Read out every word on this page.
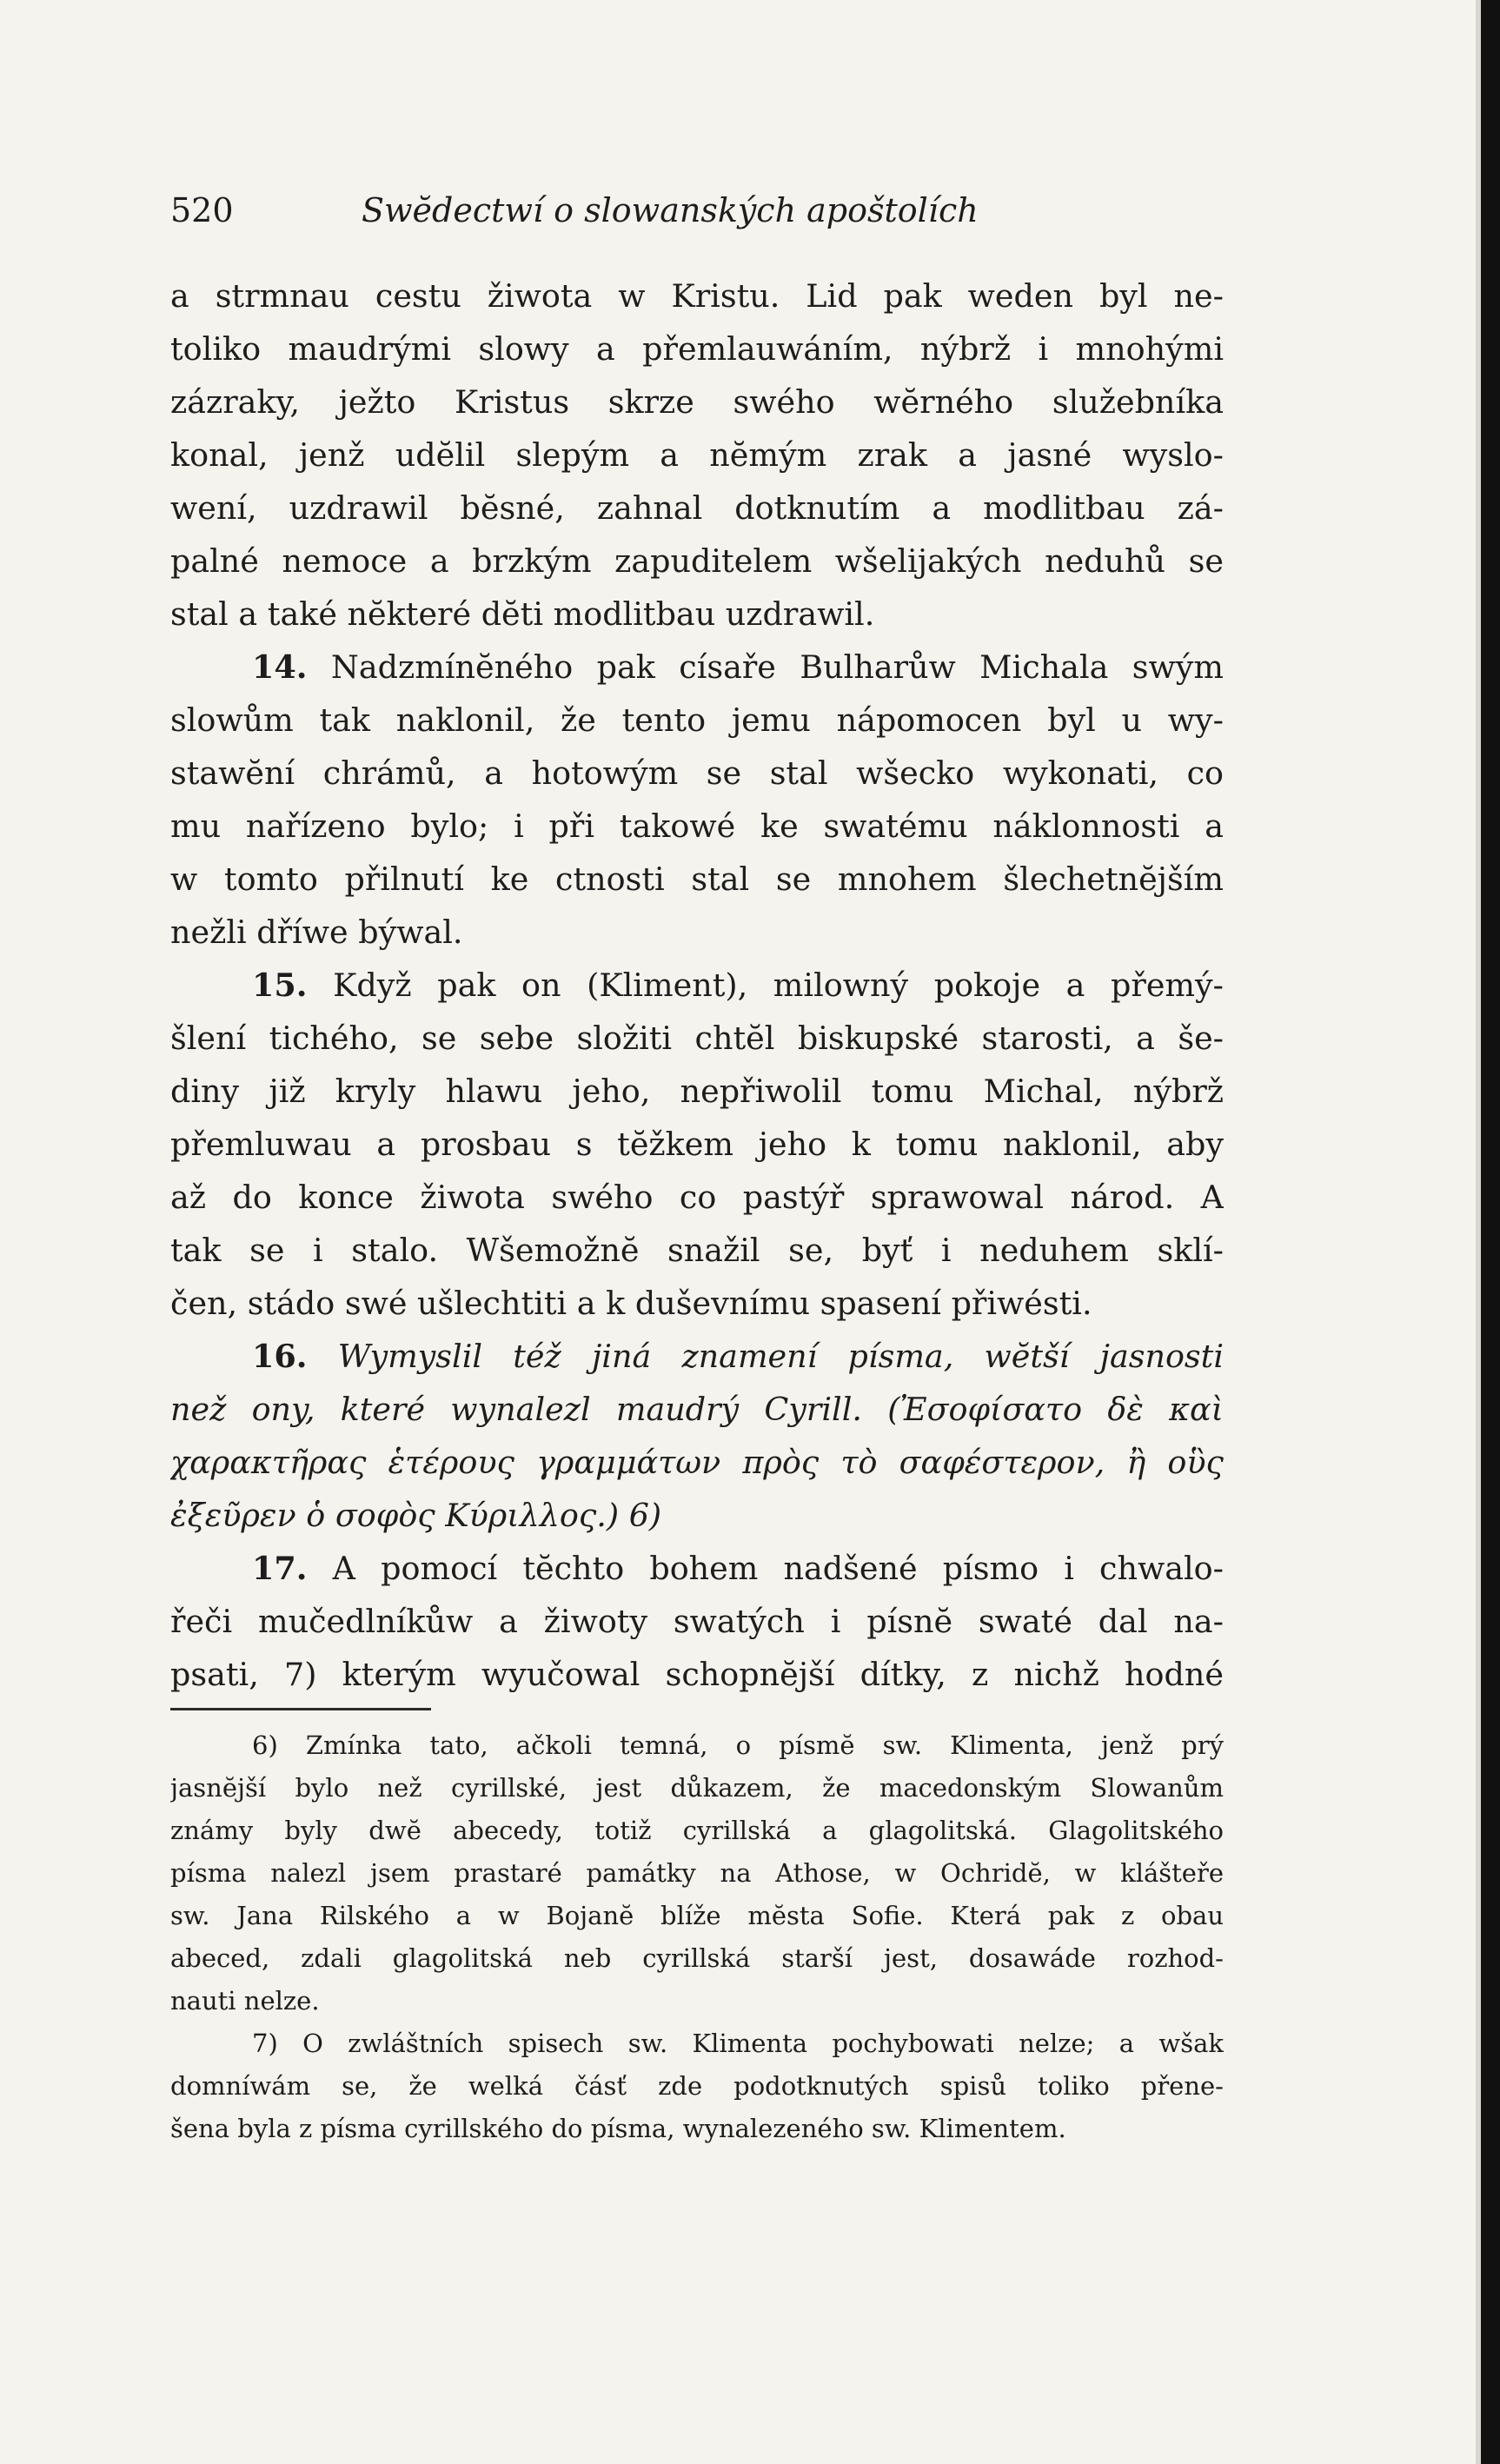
520	Swĕdectwí o slowanských apoštolích
a strmnau cestu žiwota w Kristu. Lid pak weden byl ne-
toliko maudrými slowy a přemlauwáním, nýbrž i mnohými
zázraky, ježto Kristus skrze swého wĕrného služebníka
konal, jenž udĕlil slepým a nĕmým zrak a jasné wyslo-
wení, uzdrawil bĕsné, zahnal dotknutím a modlitbau zá-
palné nemoce a brzkým zapuditelem wšelijakých neduhů se
stal a také nĕkteré dĕti modlitbau uzdrawil.
14. Nadzmínĕného pak císaře Bulharůw Michala swým
slowům tak naklonil, že tento jemu nápomocen byl u wy-
stawĕní chrámů, a hotowým se stal wšecko wykonati, co
mu nařízeno bylo; i při takowé ke swatému náklonnosti a
w tomto přilnutí ke ctnosti stal se mnohem šlechetnĕjším
nežli dříwe býwal.
15. Když pak on (Kliment), milowný pokoje a přemý-
šlení tichého, se sebe složiti chtĕl biskupské starosti, a še-
diny již kryly hlawu jeho, nepřiwolil tomu Michal, nýbrž
přemluwau a prosbau s tĕžkem jeho k tomu naklonil, aby
až do konce žiwota swého co pastýř sprawowal národ. A
tak se i stalo. Wšemožnĕ snažil se, byť i neduhem sklí-
čen, stádo swé ušlechtiti a k duševnímu spasení přiwésti.
16. Wymyslil též jiná znamení písma, wĕtší jasnosti
než ony, které wynalezl maudrý Cyrill. (Ἐσοφίσατο δὲ καὶ
χαρακτῆρας ἑτέρους γραμμάτων πρὸς τὸ σαφέστερον, ἢ οὓς
ἐξεῦρεν ὁ σοφὸς Κύριλλος.) 6)
17. A pomocí tĕchto bohem nadšené písmo i chwalo-
řeči mučedlníkůw a žiwoty swatých i písnĕ swaté dal na-
psati, 7) kterým wyučowal schopnĕjší dítky, z nichž hodné
6) Zmínka tato, ačkoli temná, o písmĕ sw. Klimenta, jenž prý
jasnĕjší bylo než cyrillské, jest důkazem, že macedonským Slowanům
známy byly dwĕ abecedy, totiž cyrillská a glagolitská. Glagolitského
písma nalezl jsem prastaré památky na Athose, w Ochridĕ, w klášteře
sw. Jana Rilského a w Bojanĕ blíže mĕsta Sofie. Která pak z obau
abeced, zdali glagolitská neb cyrillská starší jest, dosawáde rozhod-
nauti nelze.
7) O zwláštních spisech sw. Klimenta pochybowati nelze; a wšak
domníwám se, že welká čásť zde podotknutých spisů toliko přene-
šena byla z písma cyrillského do písma, wynalezeného sw. Klimentem.
